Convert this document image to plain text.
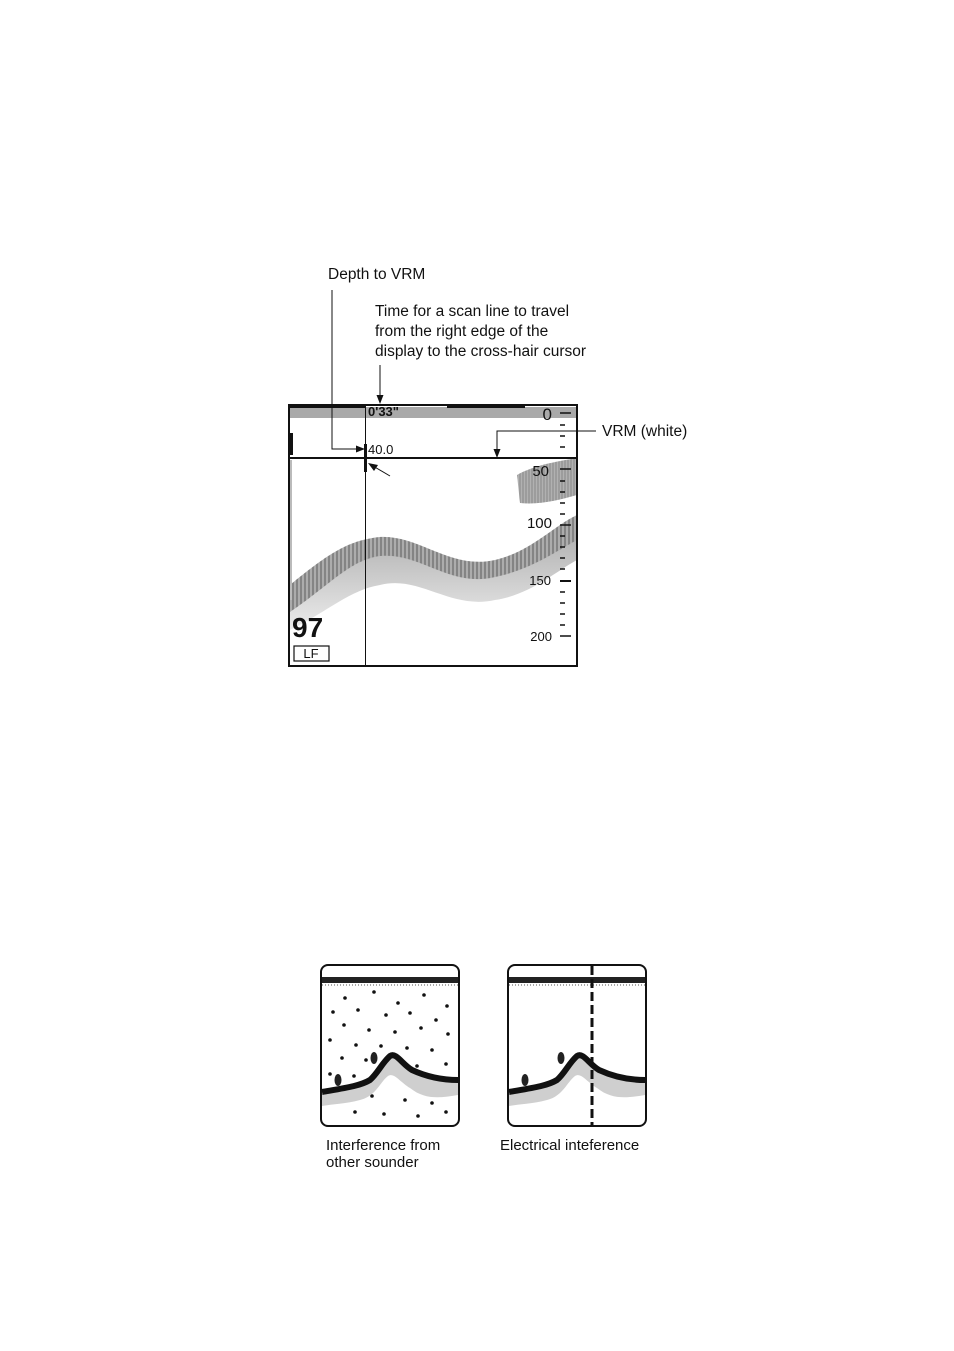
Depth to VRM
Time for a scan line to travel
from the right edge of the
display to the cross-hair cursor
VRM (white)
0'33"
40.0
0
50
100
150
200
97
LF
Interference from
other sounder
Electrical inteference
